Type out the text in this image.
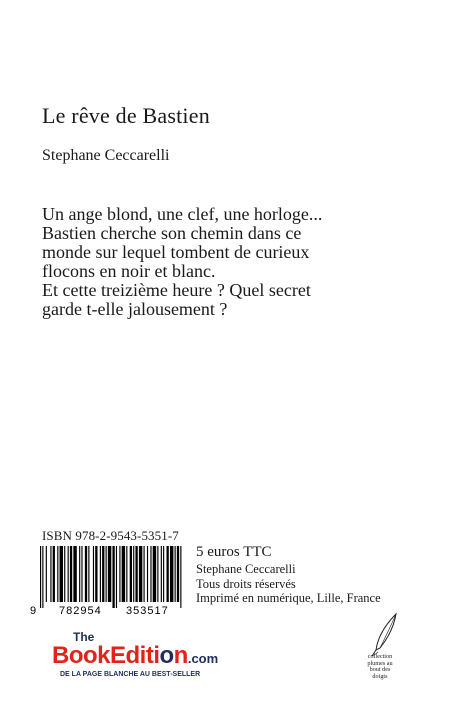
Le rêve de Bastien
Stephane Ceccarelli
Un ange blond, une clef, une horloge...
Bastien cherche son chemin dans ce
monde sur lequel tombent de curieux
flocons en noir et blanc.
Et cette treizième heure ? Quel secret
garde t-elle jalousement ?
ISBN 978-2-9543-5351-7
9 782954 353517
5 euros TTC
Stephane Ceccarelli
Tous droits réservés
Imprimé en numérique, Lille, France
The
BookEdition.com
DE LA PAGE BLANCHE AU BEST-SELLER
collection
plumes au
bout des
doigts
